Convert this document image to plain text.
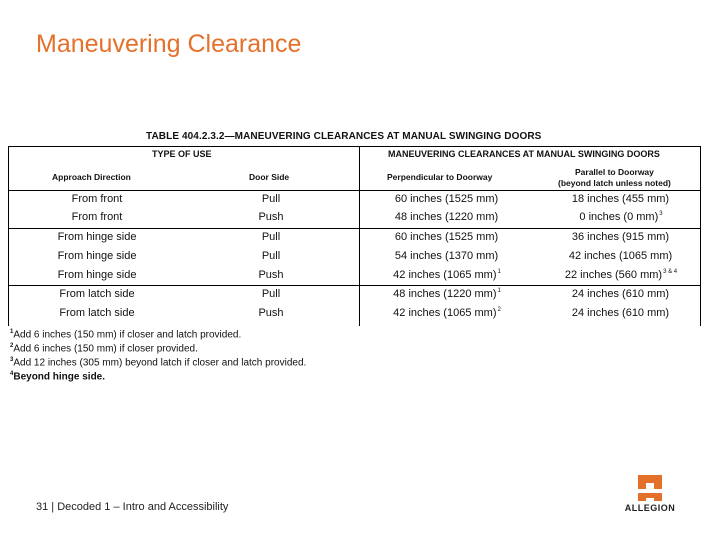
Maneuvering Clearance
TABLE 404.2.3.2—MANEUVERING CLEARANCES AT MANUAL SWINGING DOORS
TYPE OF USE	MANEUVERING CLEARANCES AT MANUAL SWINGING DOORS
Approach Direction	Door Side	Perpendicular to Doorway	Parallel to Doorway
(beyond latch unless noted)
From front	Pull	60 inches (1525 mm)	18 inches (455 mm)
From front	Push	48 inches (1220 mm)	0 inches (0 mm)$^3$
From hinge side	Pull	60 inches (1525 mm)	36 inches (915 mm)
From hinge side	Pull	54 inches (1370 mm)	42 inches (1065 mm)
From hinge side	Push	42 inches (1065 mm)$^1$	22 inches (560 mm)$^{3 \& 4}$
From latch side	Pull	48 inches (1220 mm)$^1$	24 inches (610 mm)
From latch side	Push	42 inches (1065 mm)$^2$	24 inches (610 mm)
$^1$Add 6 inches (150 mm) if closer and latch provided.
$^2$Add 6 inches (150 mm) if closer provided.
$^3$Add 12 inches (305 mm) beyond latch if closer and latch provided.
$^4$Beyond hinge side.
31 | Decoded 1 – Intro and Accessibility	ALLEGION
